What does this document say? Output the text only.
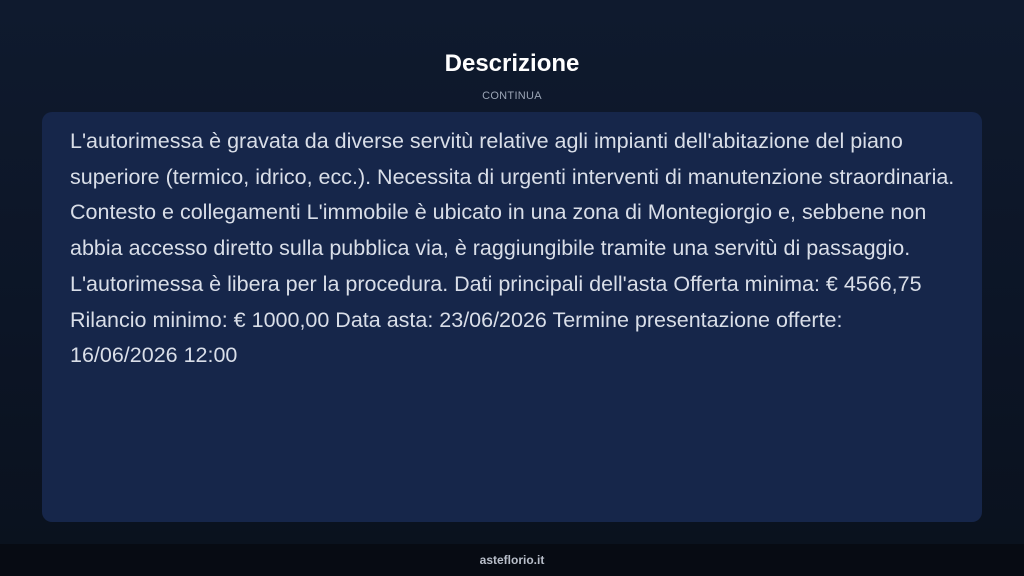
Descrizione
CONTINUA

L'autorimessa è gravata da diverse servitù relative agli impianti dell'abitazione del piano superiore (termico, idrico, ecc.). Necessita di urgenti interventi di manutenzione straordinaria. Contesto e collegamenti L'immobile è ubicato in una zona di Montegiorgio e, sebbene non abbia accesso diretto sulla pubblica via, è raggiungibile tramite una servitù di passaggio. L'autorimessa è libera per la procedura. Dati principali dell'asta Offerta minima: € 4566,75 Rilancio minimo: € 1000,00 Data asta: 23/06/2026 Termine presentazione offerte: 16/06/2026 12:00

asteflorio.it
